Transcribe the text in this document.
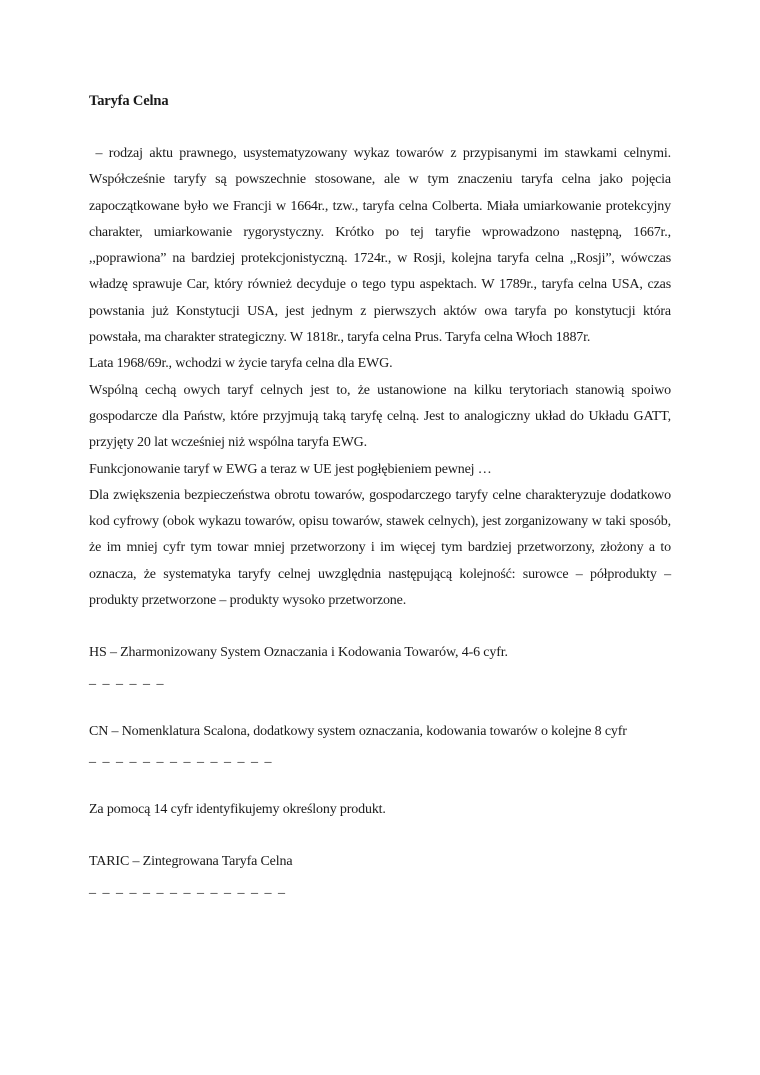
Taryfa Celna

– rodzaj aktu prawnego, usystematyzowany wykaz towarów z przypisanymi im stawkami celnymi. Współcześnie taryfy są powszechnie stosowane, ale w tym znaczeniu taryfa celna jako pojęcia zapoczątkowane było we Francji w 1664r., tzw., taryfa celna Colberta. Miała umiarkowanie protekcyjny charakter, umiarkowanie rygorystyczny. Krótko po tej taryfie wprowadzono następną, 1667r., ,,poprawiona” na bardziej protekcjonistyczną. 1724r., w Rosji, kolejna taryfa celna ,,Rosji”, wówczas władzę sprawuje Car, który również decyduje o tego typu aspektach. W 1789r., taryfa celna USA, czas powstania już Konstytucji USA, jest jednym z pierwszych aktów owa taryfa po konstytucji która powstała, ma charakter strategiczny. W 1818r., taryfa celna Prus. Taryfa celna Włoch 1887r.

Lata 1968/69r., wchodzi w życie taryfa celna dla EWG.

Wspólną cechą owych taryf celnych jest to, że ustanowione na kilku terytoriach stanowią spoiwo gospodarcze dla Państw, które przyjmują taką taryfę celną. Jest to analogiczny układ do Układu GATT, przyjęty 20 lat wcześniej niż wspólna taryfa EWG.

Funkcjonowanie taryf w EWG a teraz w UE jest pogłębieniem pewnej …

Dla zwiększenia bezpieczeństwa obrotu towarów, gospodarczego taryfy celne charakteryzuje dodatkowo kod cyfrowy (obok wykazu towarów, opisu towarów, stawek celnych), jest zorganizowany w taki sposób, że im mniej cyfr tym towar mniej przetworzony i im więcej tym bardziej przetworzony, złożony a to oznacza, że systematyka taryfy celnej uwzględnia następującą kolejność: surowce – półprodukty – produkty przetworzone – produkty wysoko przetworzone.

HS – Zharmonizowany System Oznaczania i Kodowania Towarów, 4-6 cyfr.

_ _ _ _ _ _

CN – Nomenklatura Scalona, dodatkowy system oznaczania, kodowania towarów o kolejne 8 cyfr

_ _ _ _ _ _ _ _ _ _ _ _ _ _

Za pomocą 14 cyfr identyfikujemy określony produkt.

TARIC – Zintegrowana Taryfa Celna

_ _ _ _ _ _ _ _ _ _ _ _ _ _ _
